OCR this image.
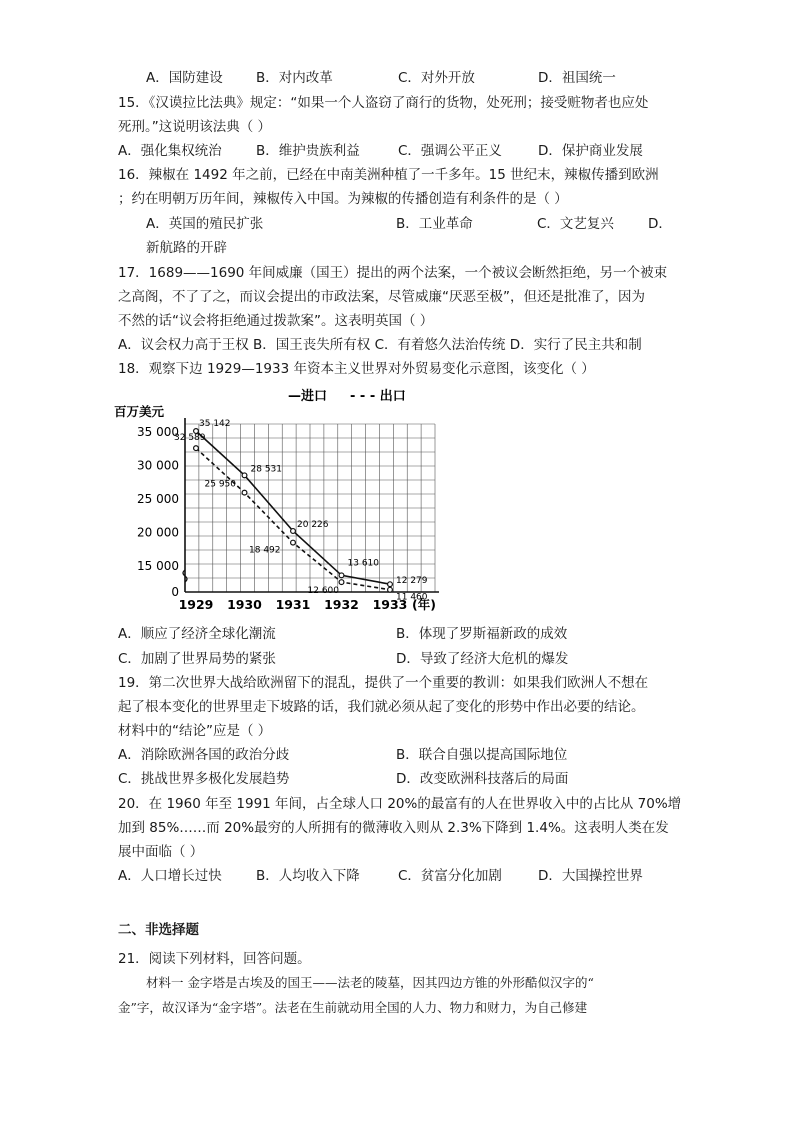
A．国防建设 B．对内改革	C．对外开放	D．祖国统一
15．《汉谟拉比法典》规定：“如果一个人盗窃了商行的货物，处死刑；接受赃物者也应处
死刑。”这说明该法典（ ）
A．强化集权统治	B．维护贵族利益	C．强调公平正义	D．保护商业发展
16．辣椒在 1492 年之前，已经在中南美洲种植了一千多年。15 世纪末，辣椒传播到欧洲
；约在明朝万历年间，辣椒传入中国。为辣椒的传播创造有利条件的是（ ）
A．英国的殖民扩张	B．工业革命	C．文艺复兴	D．
新航路的开辟
17．1689——1690 年间威廉（国王）提出的两个法案，一个被议会断然拒绝，另一个被束
之高阁，不了了之，而议会提出的市政法案，尽管威廉“厌恶至极”，但还是批准了，因为
不然的话“议会将拒绝通过拨款案”。这表明英国（ ）
A．议会权力高于王权 B．国王丧失所有权 C．有着悠久法治传统 D．实行了民主共和制
18．观察下边 1929—1933 年资本主义世界对外贸易变化示意图，该变化（ ）
百万美元
—进口 - - - 出口
35 000
30 000
25 000
20 000
15 000
0
1929 1930 1931 1932 1933 (年)
35 142
28 531
20 226
13 610
12 279
32 589
25 950
18 492
12 600
11 460
A．顺应了经济全球化潮流	B．体现了罗斯福新政的成效
C．加剧了世界局势的紧张	D．导致了经济大危机的爆发
19．第二次世界大战给欧洲留下的混乱，提供了一个重要的教训：如果我们欧洲人不想在
起了根本变化的世界里走下坡路的话，我们就必须从起了变化的形势中作出必要的结论。
材料中的“结论”应是（ ）
A．消除欧洲各国的政治分歧	B．联合自强以提高国际地位
C．挑战世界多极化发展趋势	D．改变欧洲科技落后的局面
20．在 1960 年至 1991 年间，占全球人口 20%的最富有的人在世界收入中的占比从 70%增
加到 85%……而 20%最穷的人所拥有的微薄收入则从 2.3%下降到 1.4%。这表明人类在发
展中面临（ ）
A．人口增长过快	B．人均收入下降	C．贫富分化加剧	D．大国操控世界
二、非选择题
21．阅读下列材料，回答问题。
材料一 金字塔是古埃及的国王——法老的陵墓，因其四边方锥的外形酷似汉字的“
金”字，故汉译为“金字塔”。法老在生前就动用全国的人力、物力和财力，为自己修建
